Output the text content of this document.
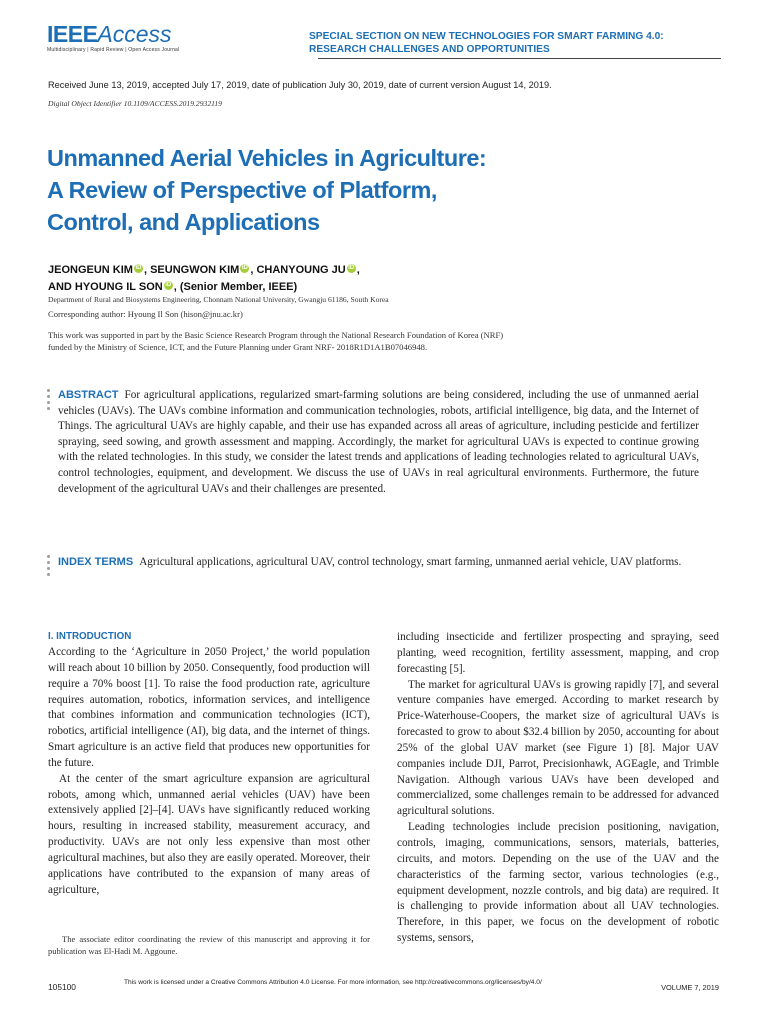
IEEEAccess
Multidisciplinary | Rapid Review | Open Access Journal
SPECIAL SECTION ON NEW TECHNOLOGIES FOR SMART FARMING 4.0:
RESEARCH CHALLENGES AND OPPORTUNITIES
Received June 13, 2019, accepted July 17, 2019, date of publication July 30, 2019, date of current version August 14, 2019.
Digital Object Identifier 10.1109/ACCESS.2019.2932119
Unmanned Aerial Vehicles in Agriculture:
A Review of Perspective of Platform,
Control, and Applications
JEONGEUN KIM iD , SEUNGWON KIM iD , CHANYOUNG JU iD ,
AND HYOUNG IL SON iD , (Senior Member, IEEE)
Department of Rural and Biosystems Engineering, Chonnam National University, Gwangju 61186, South Korea
Corresponding author: Hyoung Il Son (hison@jnu.ac.kr)
This work was supported in part by the Basic Science Research Program through the National Research Foundation of Korea (NRF)
funded by the Ministry of Science, ICT, and the Future Planning under Grant NRF- 2018R1D1A1B07046948.

ABSTRACT For agricultural applications, regularized smart-farming solutions are being considered, including the use of unmanned aerial vehicles (UAVs). The UAVs combine information and communication technologies, robots, artificial intelligence, big data, and the Internet of Things. The agricultural UAVs are highly capable, and their use has expanded across all areas of agriculture, including pesticide and fertilizer spraying, seed sowing, and growth assessment and mapping. Accordingly, the market for agricultural UAVs is expected to continue growing with the related technologies. In this study, we consider the latest trends and applications of leading technologies related to agricultural UAVs, control technologies, equipment, and development. We discuss the use of UAVs in real agricultural environments. Furthermore, the future development of the agricultural UAVs and their challenges are presented.

INDEX TERMS Agricultural applications, agricultural UAV, control technology, smart farming, unmanned aerial vehicle, UAV platforms.
I. INTRODUCTION

According to the ‘Agriculture in 2050 Project,’ the world population will reach about 10 billion by 2050. Consequently, food production will require a 70% boost [1]. To raise the food production rate, agriculture requires automation, robotics, information services, and intelligence that combines information and communication technologies (ICT), robotics, artificial intelligence (AI), big data, and the internet of things. Smart agriculture is an active field that produces new opportunities for the future.

At the center of the smart agriculture expansion are agricultural robots, among which, unmanned aerial vehicles (UAV) have been extensively applied [2]–[4]. UAVs have significantly reduced working hours, resulting in increased stability, measurement accuracy, and productivity. UAVs are not only less expensive than most other agricultural machines, but also they are easily operated. Moreover, their applications have contributed to the expansion of many areas of agriculture,

including insecticide and fertilizer prospecting and spraying, seed planting, weed recognition, fertility assessment, mapping, and crop forecasting [5].

The market for agricultural UAVs is growing rapidly [7], and several venture companies have emerged. According to market research by Price-Waterhouse-Coopers, the market size of agricultural UAVs is forecasted to grow to about $32.4 billion by 2050, accounting for about 25% of the global UAV market (see Figure 1) [8]. Major UAV companies include DJI, Parrot, Precisionhawk, AGEagle, and Trimble Navigation. Although various UAVs have been developed and commercialized, some challenges remain to be addressed for advanced agricultural solutions.

Leading technologies include precision positioning, navigation, controls, imaging, communications, sensors, materials, batteries, circuits, and motors. Depending on the use of the UAV and the characteristics of the farming sector, various technologies (e.g., equipment development, nozzle controls, and big data) are required. It is challenging to provide information about all UAV technologies. Therefore, in this paper, we focus on the development of robotic systems, sensors,

The associate editor coordinating the review of this manuscript and approving it for publication was El-Hadi M. Aggoune.
105100	This work is licensed under a Creative Commons Attribution 4.0 License. For more information, see http://creativecommons.org/licenses/by/4.0/
VOLUME 7, 2019
